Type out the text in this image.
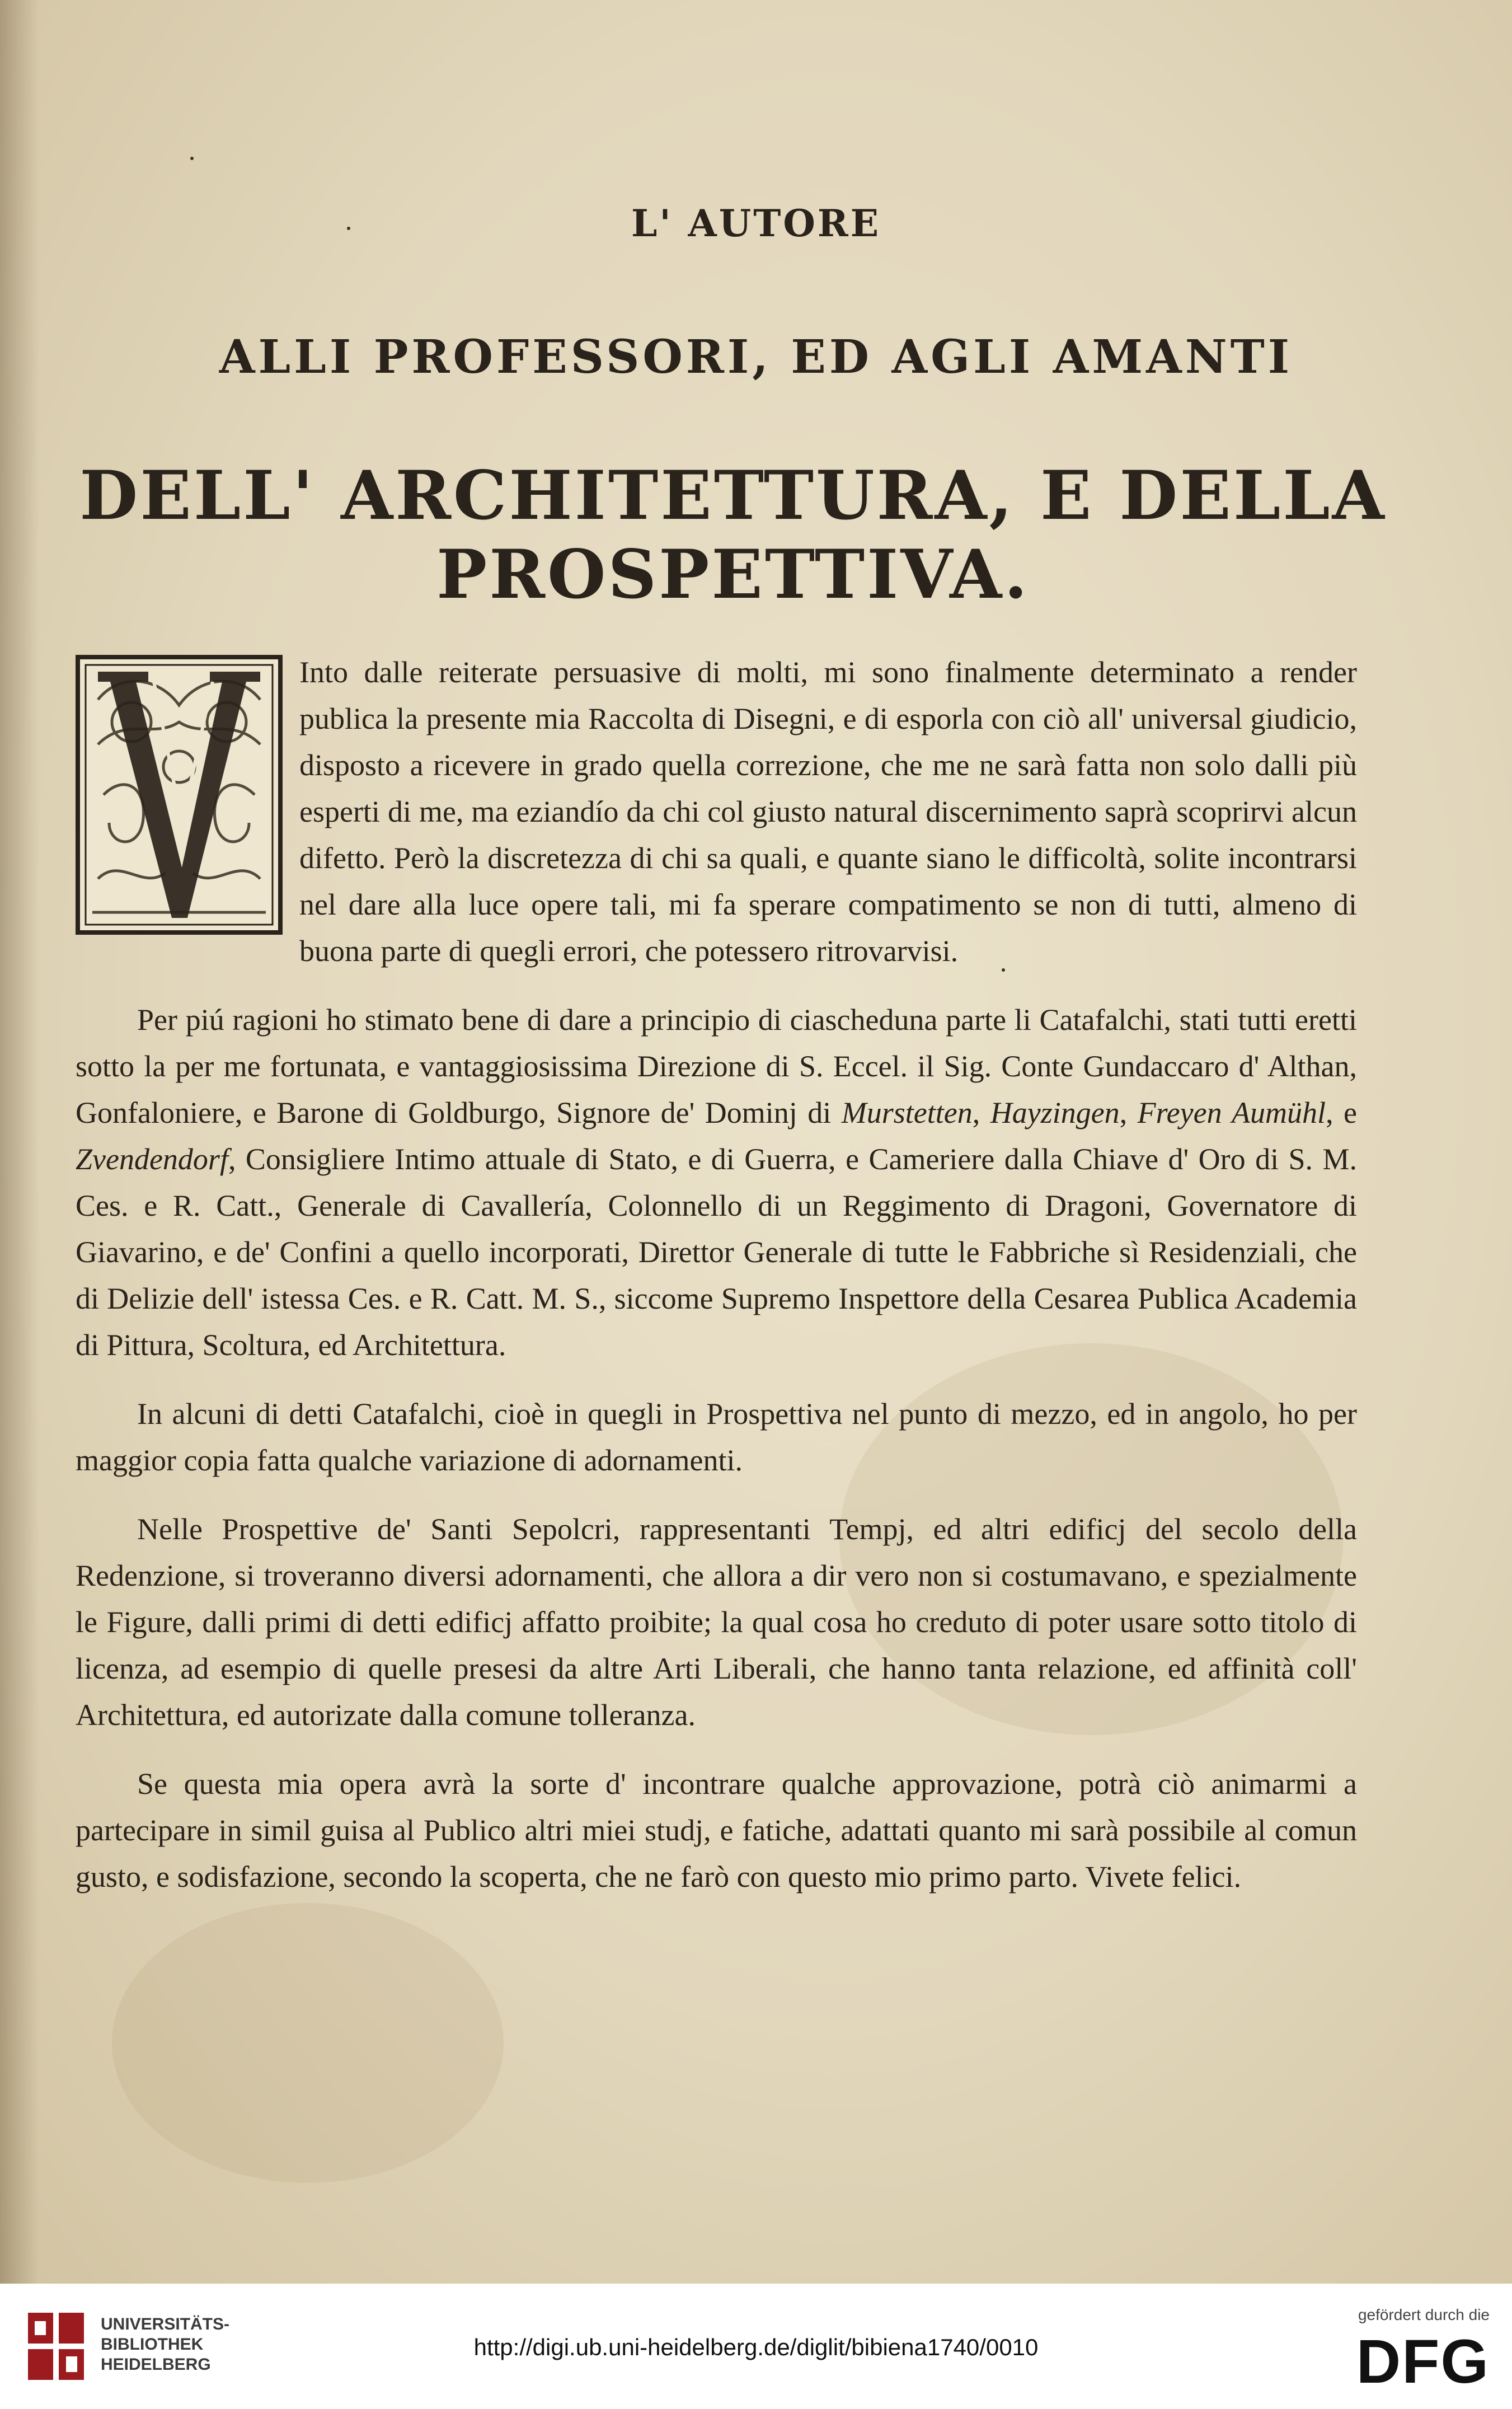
L' AUTORE
ALLI PROFESSORI, ED AGLI AMANTI
DELL' ARCHITETTURA, E DELLA PROSPETTIVA.

Into dalle reiterate persuasive di molti, mi sono finalmente determinato a render publica la presente mia Raccolta di Disegni, e di esporla con ciò all' universal giudicio, disposto a ricevere in grado quella correzione, che me ne sarà fatta non solo dalli più esperti di me, ma eziandío da chi col giusto natural discernimento saprà scoprirvi alcun difetto. Però la discretezza di chi sa quali, e quante siano le difficoltà, solite incontrarsi nel dare alla luce opere tali, mi fa sperare compatimento se non di tutti, almeno di buona parte di quegli errori, che potessero ritrovarvisi.

Per piú ragioni ho stimato bene di dare a principio di ciascheduna parte li Catafalchi, stati tutti eretti sotto la per me fortunata, e vantaggiosissima Direzione di S. Eccel. il Sig. Conte Gundaccaro d' Althan, Gonfaloniere, e Barone di Goldburgo, Signore de' Dominj di Murstetten, Hayzingen, Freyen Aumühl, e Zvendendorf, Consigliere Intimo attuale di Stato, e di Guerra, e Cameriere dalla Chiave d' Oro di S. M. Ces. e R. Catt., Generale di Cavallería, Colonnello di un Reggimento di Dragoni, Governatore di Giavarino, e de' Confini a quello incorporati, Direttor Generale di tutte le Fabbriche sì Residenziali, che di Delizie dell' istessa Ces. e R. Catt. M. S., siccome Supremo Inspettore della Cesarea Publica Academia di Pittura, Scoltura, ed Architettura.

In alcuni di detti Catafalchi, cioè in quegli in Prospettiva nel punto di mezzo, ed in angolo, ho per maggior copia fatta qualche variazione di adornamenti.

Nelle Prospettive de' Santi Sepolcri, rappresentanti Tempj, ed altri edificj del secolo della Redenzione, si troveranno diversi adornamenti, che allora a dir vero non si costumavano, e spezialmente le Figure, dalli primi di detti edificj affatto proibite; la qual cosa ho creduto di poter usare sotto titolo di licenza, ad esempio di quelle presesi da altre Arti Liberali, che hanno tanta relazione, ed affinità coll' Architettura, ed autorizate dalla comune tolleranza.

Se questa mia opera avrà la sorte d' incontrare qualche approvazione, potrà ciò animarmi a partecipare in simil guisa al Publico altri miei studj, e fatiche, adattati quanto mi sarà possibile al comun gusto, e sodisfazione, secondo la scoperta, che ne farò con questo mio primo parto. Vivete felici.

UNIVERSITÄTS-
BIBLIOTHEK
HEIDELBERG
http://digi.ub.uni-heidelberg.de/diglit/bibiena1740/0010
gefördert durch die
DFG
